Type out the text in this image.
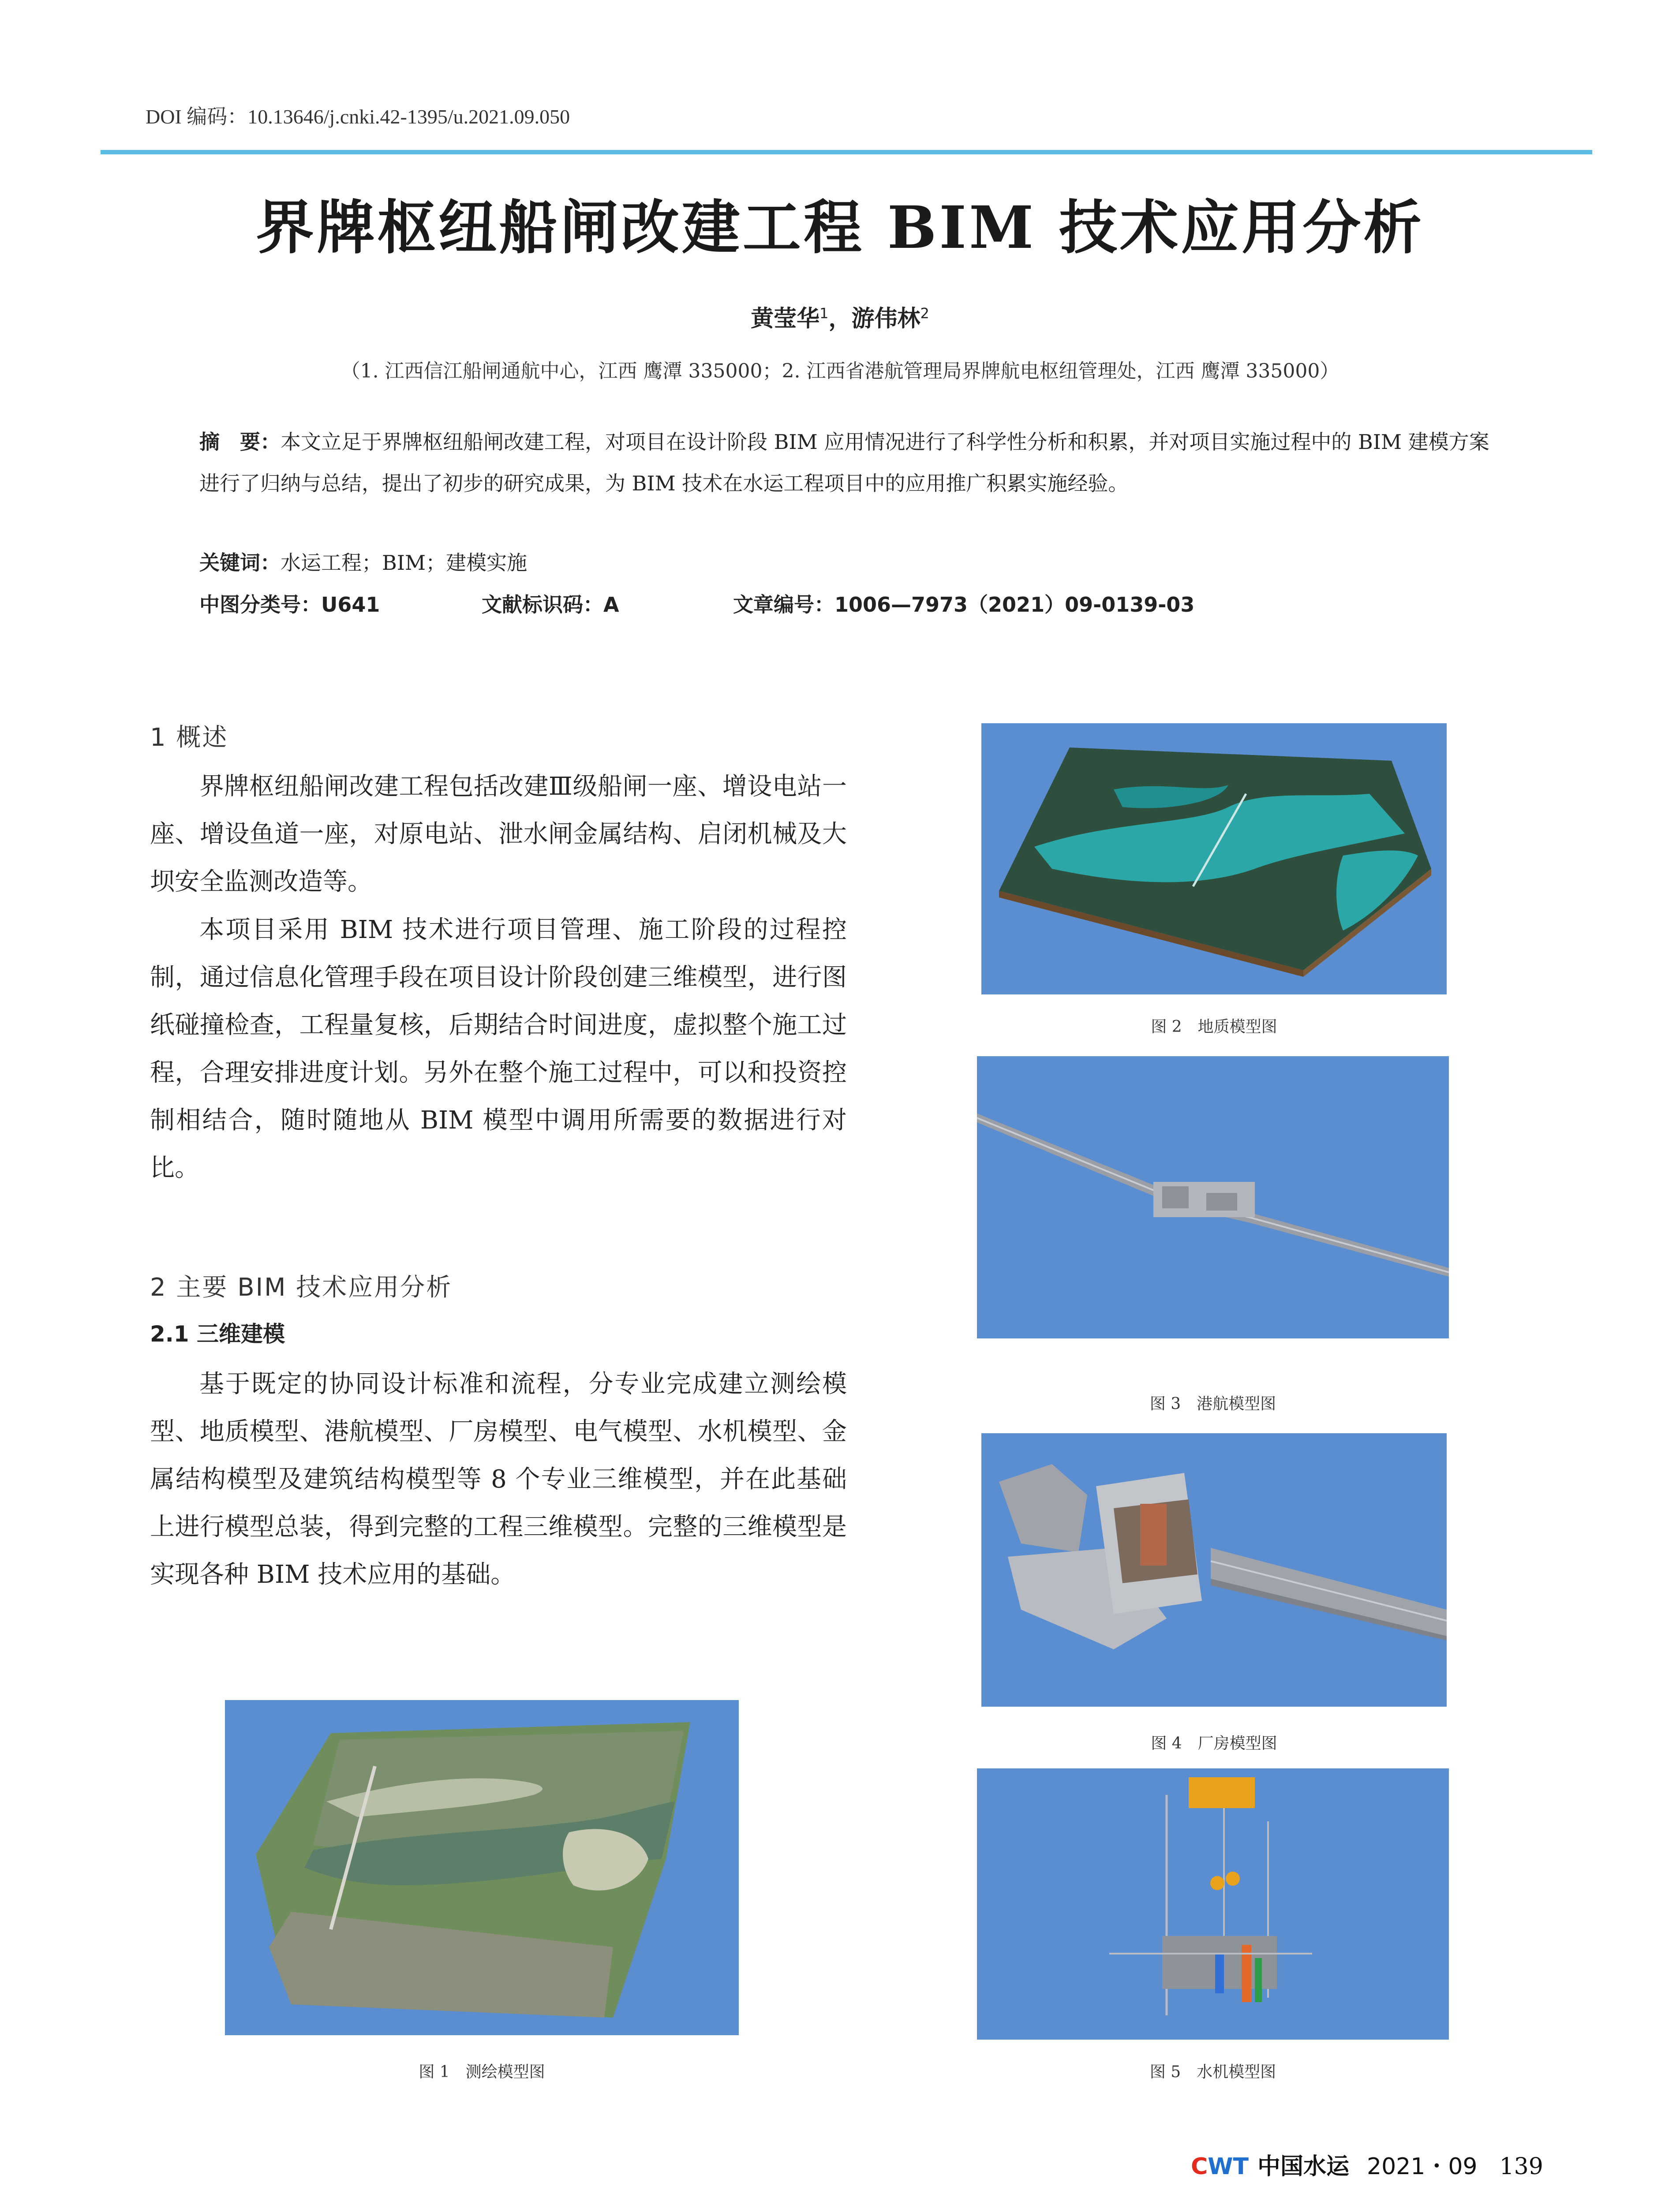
DOI 编码：10.13646/j.cnki.42-1395/u.2021.09.050
界牌枢纽船闸改建工程 BIM 技术应用分析
黄莹华$^1$，游伟林$^2$
（1. 江西信江船闸通航中心，江西 鹰潭 335000；2. 江西省港航管理局界牌航电枢纽管理处，江西 鹰潭 335000）
摘　要：本文立足于界牌枢纽船闸改建工程，对项目在设计阶段 BIM 应用情况进行了科学性分析和积累，并对项目实施过程中的 BIM 建模方案进行了归纳与总结，提出了初步的研究成果，为 BIM 技术在水运工程项目中的应用推广积累实施经验。
关键词：水运工程；BIM；建模实施
中图分类号：U641	文献标识码：A	文章编号：1006—7973（2021）09-0139-03
1 概述
界牌枢纽船闸改建工程包括改建Ⅲ级船闸一座、增设电站一座、增设鱼道一座，对原电站、泄水闸金属结构、启闭机械及大坝安全监测改造等。
本项目采用 BIM 技术进行项目管理、施工阶段的过程控制，通过信息化管理手段在项目设计阶段创建三维模型，进行图纸碰撞检查，工程量复核，后期结合时间进度，虚拟整个施工过程，合理安排进度计划。另外在整个施工过程中，可以和投资控制相结合，随时随地从 BIM 模型中调用所需要的数据进行对比。
2 主要 BIM 技术应用分析
2.1 三维建模
基于既定的协同设计标准和流程，分专业完成建立测绘模型、地质模型、港航模型、厂房模型、电气模型、水机模型、金属结构模型及建筑结构模型等 8 个专业三维模型，并在此基础上进行模型总装，得到完整的工程三维模型。完整的三维模型是实现各种 BIM 技术应用的基础。
图 1　测绘模型图
图 2　地质模型图
图 3　港航模型图
图 4　厂房模型图
图 5　水机模型图
CWT 中国水运 2021・09 139
